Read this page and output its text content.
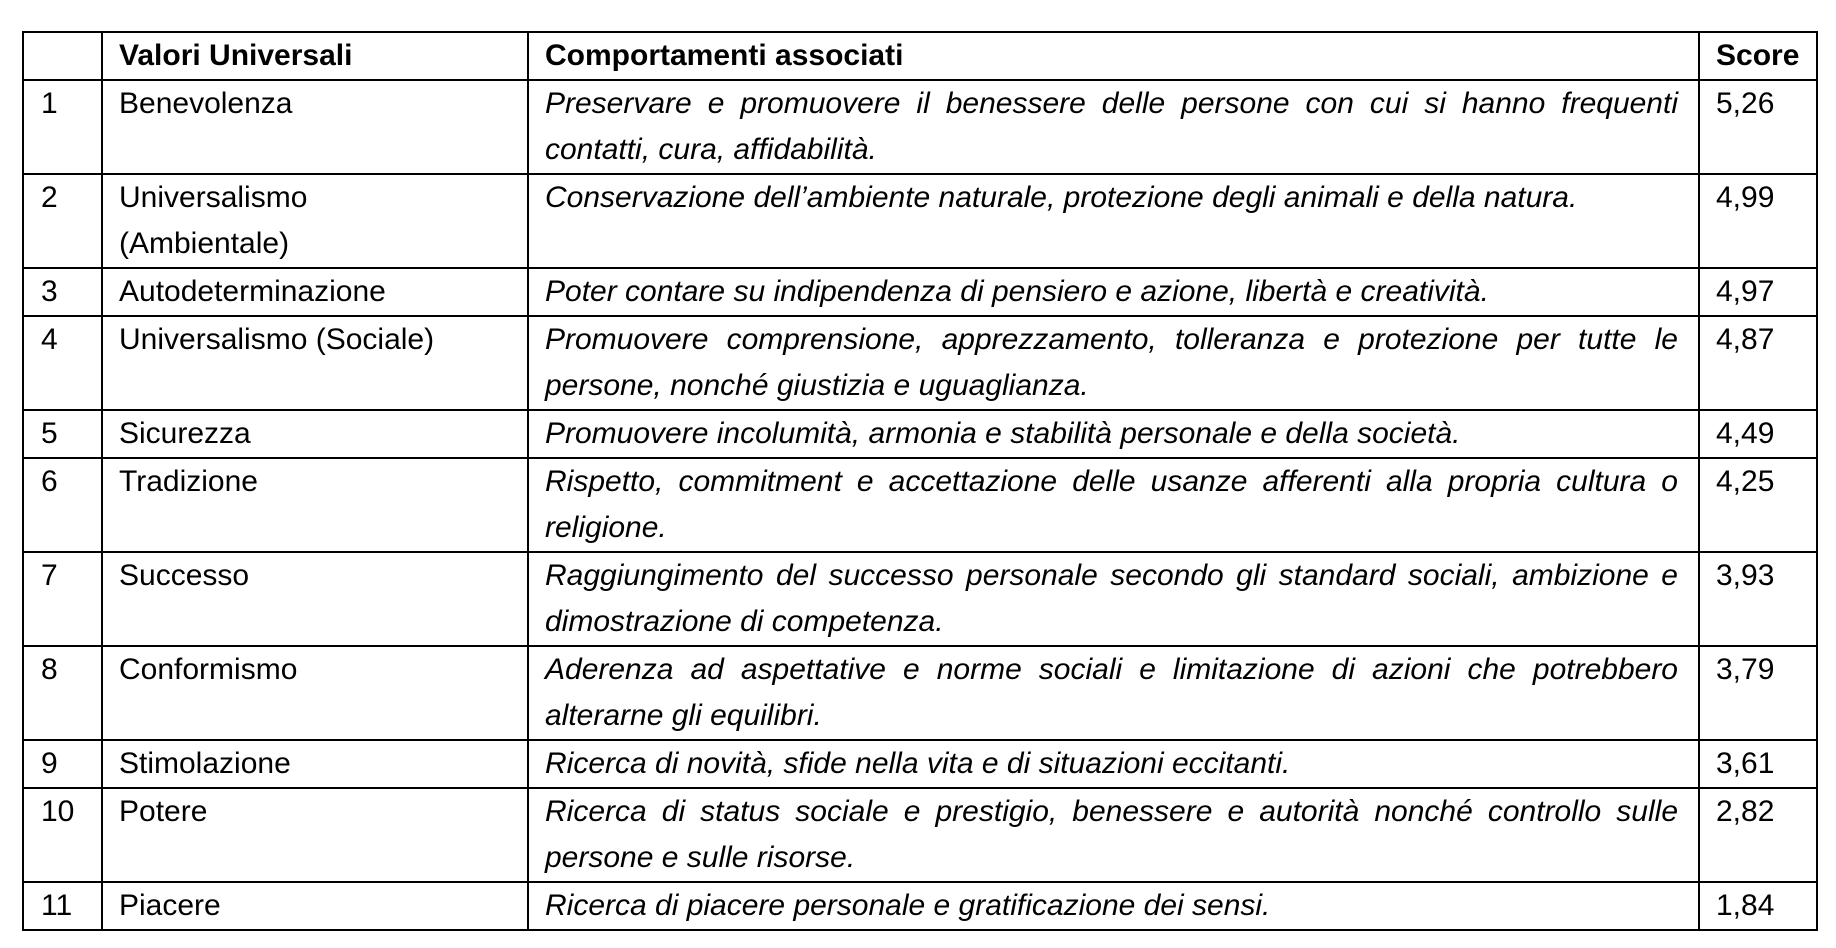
	Valori Universali	Comportamenti associati	Score
1	Benevolenza	Preservare e promuovere il benessere delle persone con cui si hanno frequenti contatti, cura, affidabilità.	5,26
2	Universalismo (Ambientale)	Conservazione dell’ambiente naturale, protezione degli animali e della natura.	4,99
3	Autodeterminazione	Poter contare su indipendenza di pensiero e azione, libertà e creatività.	4,97
4	Universalismo (Sociale)	Promuovere comprensione, apprezzamento, tolleranza e protezione per tutte le persone, nonché giustizia e uguaglianza.	4,87
5	Sicurezza	Promuovere incolumità, armonia e stabilità personale e della società.	4,49
6	Tradizione	Rispetto, commitment e accettazione delle usanze afferenti alla propria cultura o religione.	4,25
7	Successo	Raggiungimento del successo personale secondo gli standard sociali, ambizione e dimostrazione di competenza.	3,93
8	Conformismo	Aderenza ad aspettative e norme sociali e limitazione di azioni che potrebbero alterarne gli equilibri.	3,79
9	Stimolazione	Ricerca di novità, sfide nella vita e di situazioni eccitanti.	3,61
10	Potere	Ricerca di status sociale e prestigio, benessere e autorità nonché controllo sulle persone e sulle risorse.	2,82
11	Piacere	Ricerca di piacere personale e gratificazione dei sensi.	1,84
